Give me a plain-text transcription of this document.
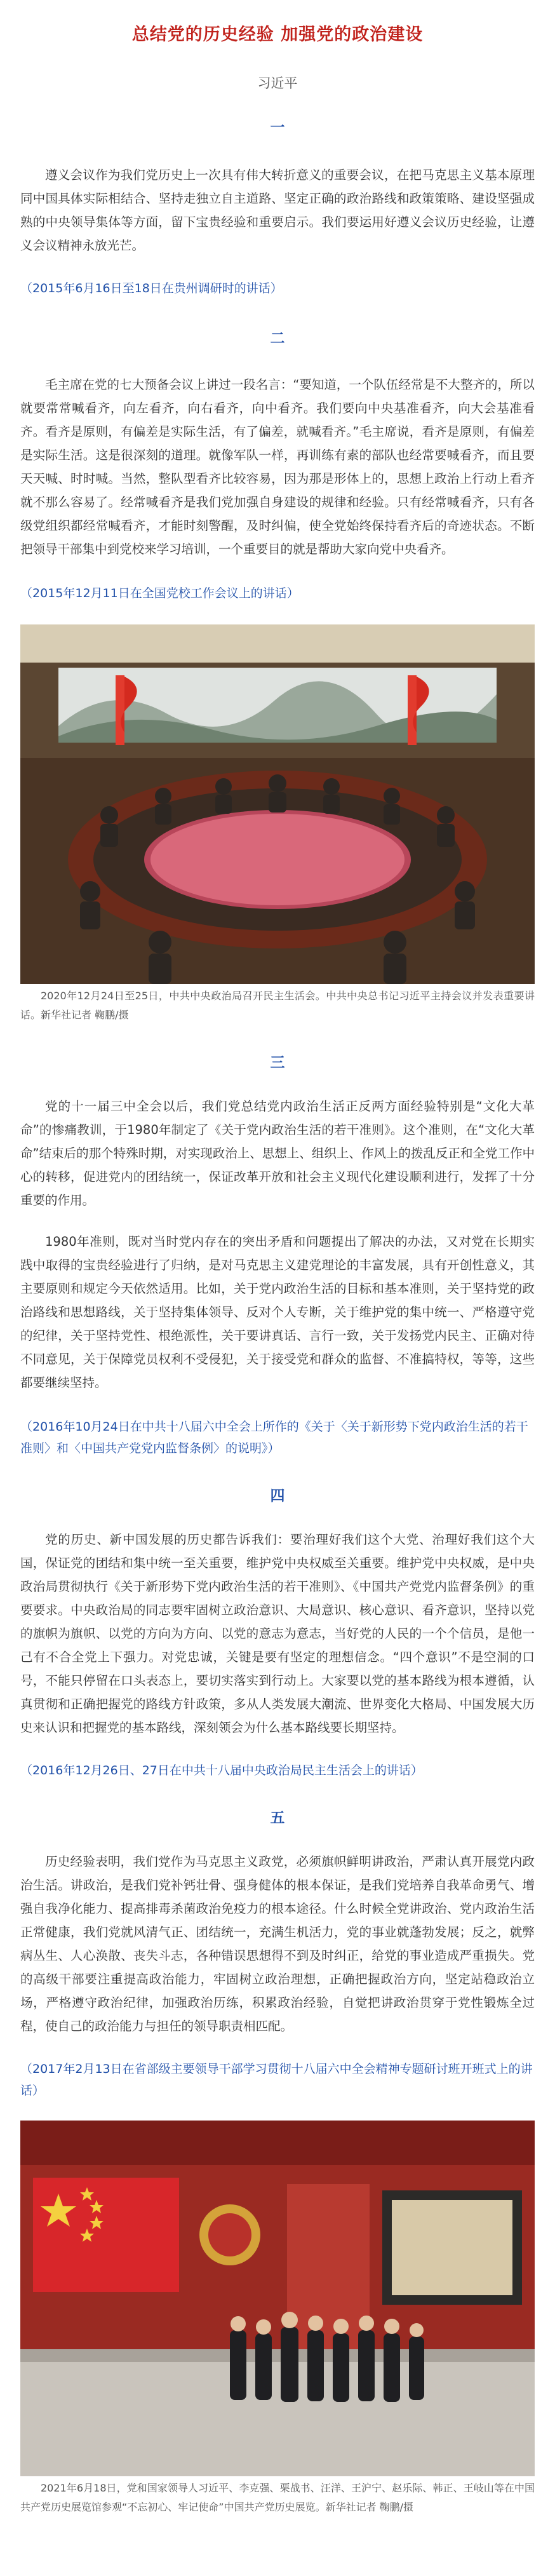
总结党的历史经验 加强党的政治建设

习近平

一

遵义会议作为我们党历史上一次具有伟大转折意义的重要会议，在把马克思主义基本原理同中国具体实际相结合、坚持走独立自主道路、坚定正确的政治路线和政策策略、建设坚强成熟的中央领导集体等方面，留下宝贵经验和重要启示。我们要运用好遵义会议历史经验，让遵义会议精神永放光芒。

（2015年6月16日至18日在贵州调研时的讲话）

二

毛主席在党的七大预备会议上讲过一段名言：“要知道，一个队伍经常是不大整齐的，所以就要常常喊看齐，向左看齐，向右看齐，向中看齐。我们要向中央基准看齐，向大会基准看齐。看齐是原则，有偏差是实际生活，有了偏差，就喊看齐。”毛主席说，看齐是原则，有偏差是实际生活。这是很深刻的道理。就像军队一样，再训练有素的部队也经常要喊看齐，而且要天天喊、时时喊。当然，整队型看齐比较容易，因为那是形体上的，思想上政治上行动上看齐就不那么容易了。经常喊看齐是我们党加强自身建设的规律和经验。只有经常喊看齐，只有各级党组织都经常喊看齐，才能时刻警醒，及时纠偏，使全党始终保持看齐后的奇迹状态。不断把领导干部集中到党校来学习培训，一个重要目的就是帮助大家向党中央看齐。

（2015年12月11日在全国党校工作会议上的讲话）

2020年12月24日至25日，中共中央政治局召开民主生活会。中共中央总书记习近平主持会议并发表重要讲话。新华社记者 鞠鹏/摄

三

党的十一届三中全会以后，我们党总结党内政治生活正反两方面经验特别是“文化大革命”的惨痛教训，于1980年制定了《关于党内政治生活的若干准则》。这个准则，在“文化大革命”结束后的那个特殊时期，对实现政治上、思想上、组织上、作风上的拨乱反正和全党工作中心的转移，促进党内的团结统一，保证改革开放和社会主义现代化建设顺利进行，发挥了十分重要的作用。

1980年准则，既对当时党内存在的突出矛盾和问题提出了解决的办法，又对党在长期实践中取得的宝贵经验进行了归纳，是对马克思主义建党理论的丰富发展，具有开创性意义，其主要原则和规定今天依然适用。比如，关于党内政治生活的目标和基本准则，关于坚持党的政治路线和思想路线，关于坚持集体领导、反对个人专断，关于维护党的集中统一、严格遵守党的纪律，关于坚持党性、根绝派性，关于要讲真话、言行一致，关于发扬党内民主、正确对待不同意见，关于保障党员权利不受侵犯，关于接受党和群众的监督、不准搞特权，等等，这些都要继续坚持。

（2016年10月24日在中共十八届六中全会上所作的《关于〈关于新形势下党内政治生活的若干准则〉和〈中国共产党党内监督条例〉的说明》）

四

党的历史、新中国发展的历史都告诉我们：要治理好我们这个大党、治理好我们这个大国，保证党的团结和集中统一至关重要，维护党中央权威至关重要。维护党中央权威，是中央政治局贯彻执行《关于新形势下党内政治生活的若干准则》、《中国共产党党内监督条例》的重要要求。中央政治局的同志要牢固树立政治意识、大局意识、核心意识、看齐意识，坚持以党的旗帜为旗帜、以党的方向为方向、以党的意志为意志，当好党的人民的一个个信员，是他一己有不合全党上下强力。对党忠诚，关键是要有坚定的理想信念。“四个意识”不是空洞的口号，不能只停留在口头表态上，要切实落实到行动上。大家要以党的基本路线为根本遵循，认真贯彻和正确把握党的路线方针政策，多从人类发展大潮流、世界变化大格局、中国发展大历史来认识和把握党的基本路线，深刻领会为什么基本路线要长期坚持。

（2016年12月26日、27日在中共十八届中央政治局民主生活会上的讲话）

五

历史经验表明，我们党作为马克思主义政党，必须旗帜鲜明讲政治，严肃认真开展党内政治生活。讲政治，是我们党补钙壮骨、强身健体的根本保证，是我们党培养自我革命勇气、增强自我净化能力、提高排毒杀菌政治免疫力的根本途径。什么时候全党讲政治、党内政治生活正常健康，我们党就风清气正、团结统一，充满生机活力，党的事业就蓬勃发展；反之，就弊病丛生、人心涣散、丧失斗志，各种错误思想得不到及时纠正，给党的事业造成严重损失。党的高级干部要注重提高政治能力，牢固树立政治理想，正确把握政治方向，坚定站稳政治立场，严格遵守政治纪律，加强政治历练，积累政治经验，自觉把讲政治贯穿于党性锻炼全过程，使自己的政治能力与担任的领导职责相匹配。

（2017年2月13日在省部级主要领导干部学习贯彻十八届六中全会精神专题研讨班开班式上的讲话）

2021年6月18日，党和国家领导人习近平、李克强、栗战书、汪洋、王沪宁、赵乐际、韩正、王岐山等在中国共产党历史展览馆参观“不忘初心、牢记使命”中国共产党历史展览。新华社记者 鞠鹏/摄
